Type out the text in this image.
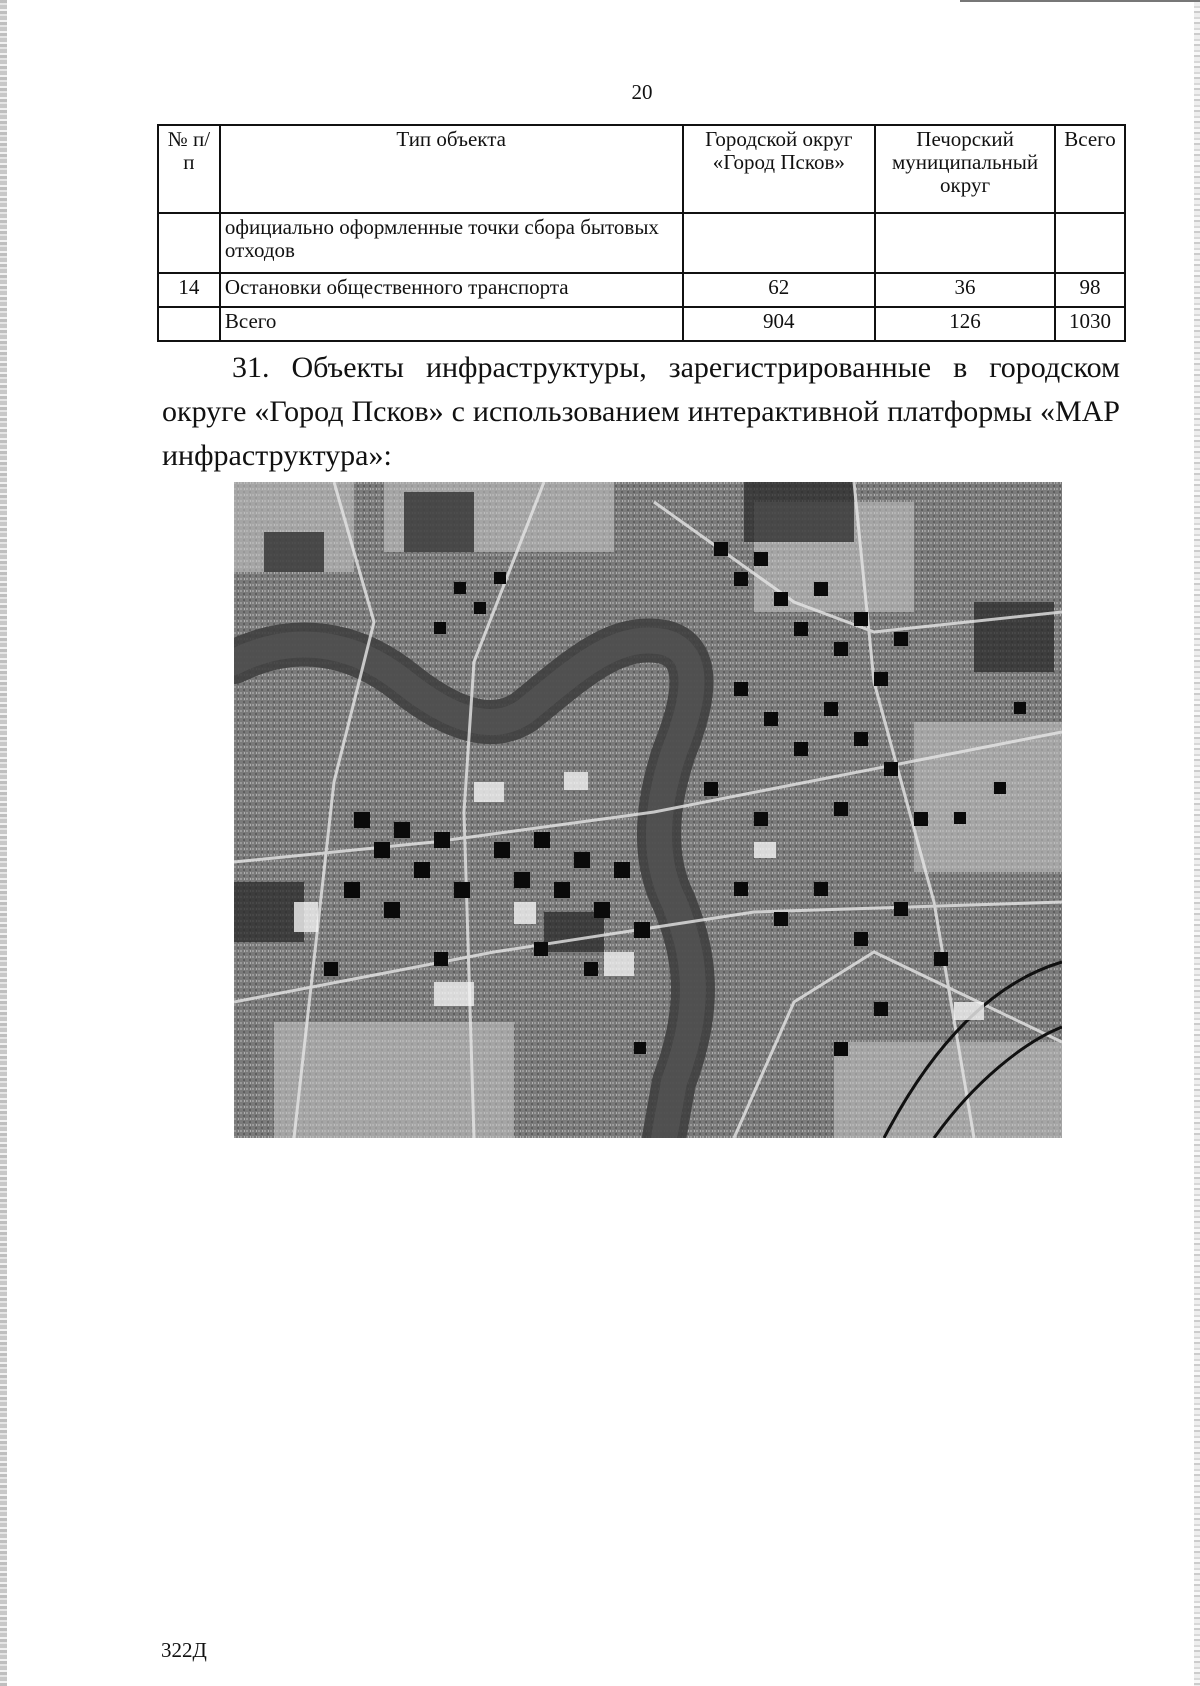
20
№ п/п	Тип объекта	Городской округ «Город Псков»	Печорский муниципальный округ	Всего
	официально оформленные точки сбора бытовых отходов			
14	Остановки общественного транспорта	62	36	98
	Всего	904	126	1030
31. Объекты инфраструктуры, зарегистрированные в городском округе «Город Псков» с использованием интерактивной платформы «MAP инфраструктура»:
322Д
